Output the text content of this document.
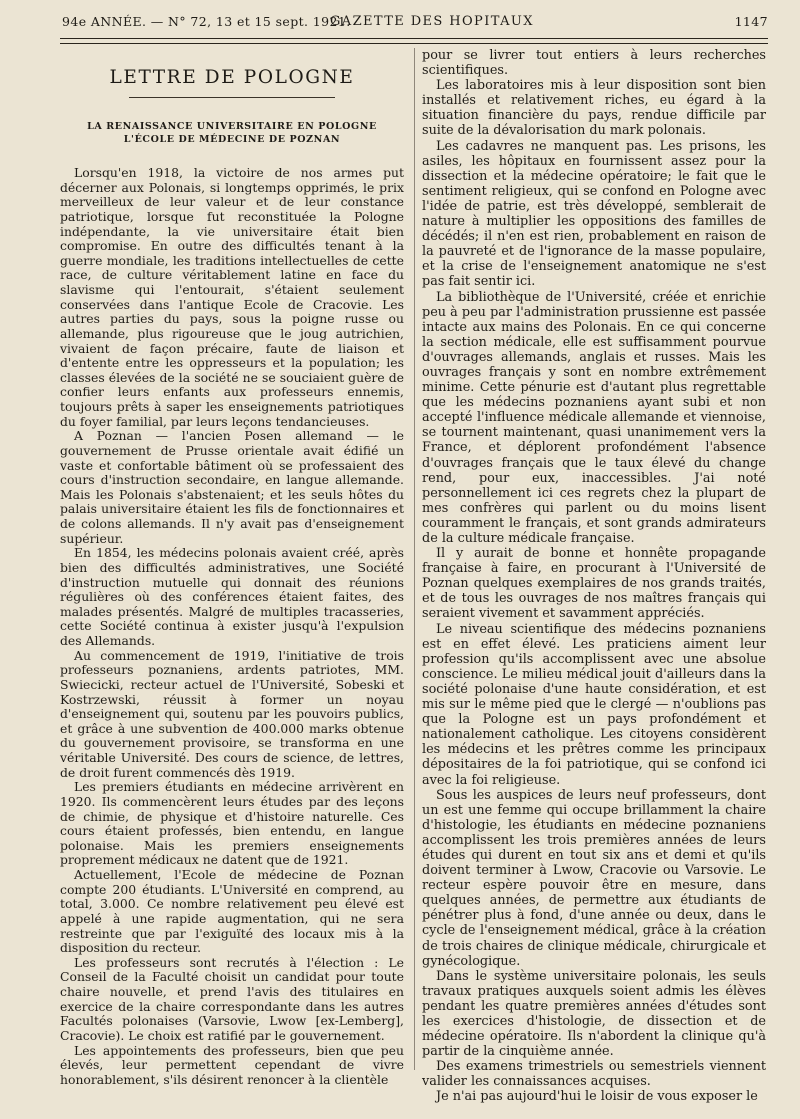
94e ANNÉE. — N° 72, 13 et 15 sept. 1921.
GAZETTE DES HOPITAUX	1147
LETTRE DE POLOGNE
LA RENAISSANCE UNIVERSITAIRE EN POLOGNE
L'ÉCOLE DE MÉDECINE DE POZNAN

Lorsqu'en 1918, la victoire de nos armes put décerner aux Polonais, si longtemps opprimés, le prix merveilleux de leur valeur et de leur constance patriotique, lorsque fut reconstituée la Pologne indépendante, la vie universitaire était bien compromise. En outre des difficultés tenant à la guerre mondiale, les traditions intellectuelles de cette race, de culture véritablement latine en face du slavisme qui l'entourait, s'étaient seulement conservées dans l'antique Ecole de Cracovie. Les autres parties du pays, sous la poigne russe ou allemande, plus rigoureuse que le joug autrichien, vivaient de façon précaire, faute de liaison et d'entente entre les oppresseurs et la population; les classes élevées de la société ne se souciaient guère de confier leurs enfants aux professeurs ennemis, toujours prêts à saper les enseignements patriotiques du foyer familial, par leurs leçons tendancieuses.

A Poznan — l'ancien Posen allemand — le gouvernement de Prusse orientale avait édifié un vaste et confortable bâtiment où se professaient des cours d'instruction secondaire, en langue allemande. Mais les Polonais s'abstenaient; et les seuls hôtes du palais universitaire étaient les fils de fonctionnaires et de colons allemands. Il n'y avait pas d'enseignement supérieur.

En 1854, les médecins polonais avaient créé, après bien des difficultés administratives, une Société d'instruction mutuelle qui donnait des réunions régulières où des conférences étaient faites, des malades présentés. Malgré de multiples tracasseries, cette Société continua à exister jusqu'à l'expulsion des Allemands.

Au commencement de 1919, l'initiative de trois professeurs poznaniens, ardents patriotes, MM. Swiecicki, recteur actuel de l'Université, Sobeski et Kostrzewski, réussit à former un noyau d'enseignement qui, soutenu par les pouvoirs publics, et grâce à une subvention de 400.000 marks obtenue du gouvernement provisoire, se transforma en une véritable Université. Des cours de science, de lettres, de droit furent commencés dès 1919.

Les premiers étudiants en médecine arrivèrent en 1920. Ils commencèrent leurs études par des leçons de chimie, de physique et d'histoire naturelle. Ces cours étaient professés, bien entendu, en langue polonaise. Mais les premiers enseignements proprement médicaux ne datent que de 1921.

Actuellement, l'Ecole de médecine de Poznan compte 200 étudiants. L'Université en comprend, au total, 3.000. Ce nombre relativement peu élevé est appelé à une rapide augmentation, qui ne sera restreinte que par l'exiguïté des locaux mis à la disposition du recteur.

Les professeurs sont recrutés à l'élection : Le Conseil de la Faculté choisit un candidat pour toute chaire nouvelle, et prend l'avis des titulaires en exercice de la chaire correspondante dans les autres Facultés polonaises (Varsovie, Lwow [ex-Lemberg], Cracovie). Le choix est ratifié par le gouvernement.

Les appointements des professeurs, bien que peu élevés, leur permettent cependant de vivre honorablement, s'ils désirent renoncer à la clientèle

pour se livrer tout entiers à leurs recherches scientifiques.

Les laboratoires mis à leur disposition sont bien installés et relativement riches, eu égard à la situation financière du pays, rendue difficile par suite de la dévalorisation du mark polonais.

Les cadavres ne manquent pas. Les prisons, les asiles, les hôpitaux en fournissent assez pour la dissection et la médecine opératoire; le fait que le sentiment religieux, qui se confond en Pologne avec l'idée de patrie, est très développé, semblerait de nature à multiplier les oppositions des familles de décédés; il n'en est rien, probablement en raison de la pauvreté et de l'ignorance de la masse populaire, et la crise de l'enseignement anatomique ne s'est pas fait sentir ici.

La bibliothèque de l'Université, créée et enrichie peu à peu par l'administration prussienne est passée intacte aux mains des Polonais. En ce qui concerne la section médicale, elle est suffisamment pourvue d'ouvrages allemands, anglais et russes. Mais les ouvrages français y sont en nombre extrêmement minime. Cette pénurie est d'autant plus regrettable que les médecins poznaniens ayant subi et non accepté l'influence médicale allemande et viennoise, se tournent maintenant, quasi unanimement vers la France, et déplorent profondément l'absence d'ouvrages français que le taux élevé du change rend, pour eux, inaccessibles. J'ai noté personnellement ici ces regrets chez la plupart de mes confrères qui parlent ou du moins lisent couramment le français, et sont grands admirateurs de la culture médicale française.

Il y aurait de bonne et honnête propagande française à faire, en procurant à l'Université de Poznan quelques exemplaires de nos grands traités, et de tous les ouvrages de nos maîtres français qui seraient vivement et savamment appréciés.

Le niveau scientifique des médecins poznaniens est en effet élevé. Les praticiens aiment leur profession qu'ils accomplissent avec une absolue conscience. Le milieu médical jouit d'ailleurs dans la société polonaise d'une haute considération, et est mis sur le même pied que le clergé — n'oublions pas que la Pologne est un pays profondément et nationalement catholique. Les citoyens considèrent les médecins et les prêtres comme les principaux dépositaires de la foi patriotique, qui se confond ici avec la foi religieuse.

Sous les auspices de leurs neuf professeurs, dont un est une femme qui occupe brillamment la chaire d'histologie, les étudiants en médecine poznaniens accomplissent les trois premières années de leurs études qui durent en tout six ans et demi et qu'ils doivent terminer à Lwow, Cracovie ou Varsovie. Le recteur espère pouvoir être en mesure, dans quelques années, de permettre aux étudiants de pénétrer plus à fond, d'une année ou deux, dans le cycle de l'enseignement médical, grâce à la création de trois chaires de clinique médicale, chirurgicale et gynécologique.

Dans le système universitaire polonais, les seuls travaux pratiques auxquels soient admis les élèves pendant les quatre premières années d'études sont les exercices d'histologie, de dissection et de médecine opératoire. Ils n'abordent la clinique qu'à partir de la cinquième année.

Des examens trimestriels ou semestriels viennent valider les connaissances acquises.

Je n'ai pas aujourd'hui le loisir de vous exposer le
